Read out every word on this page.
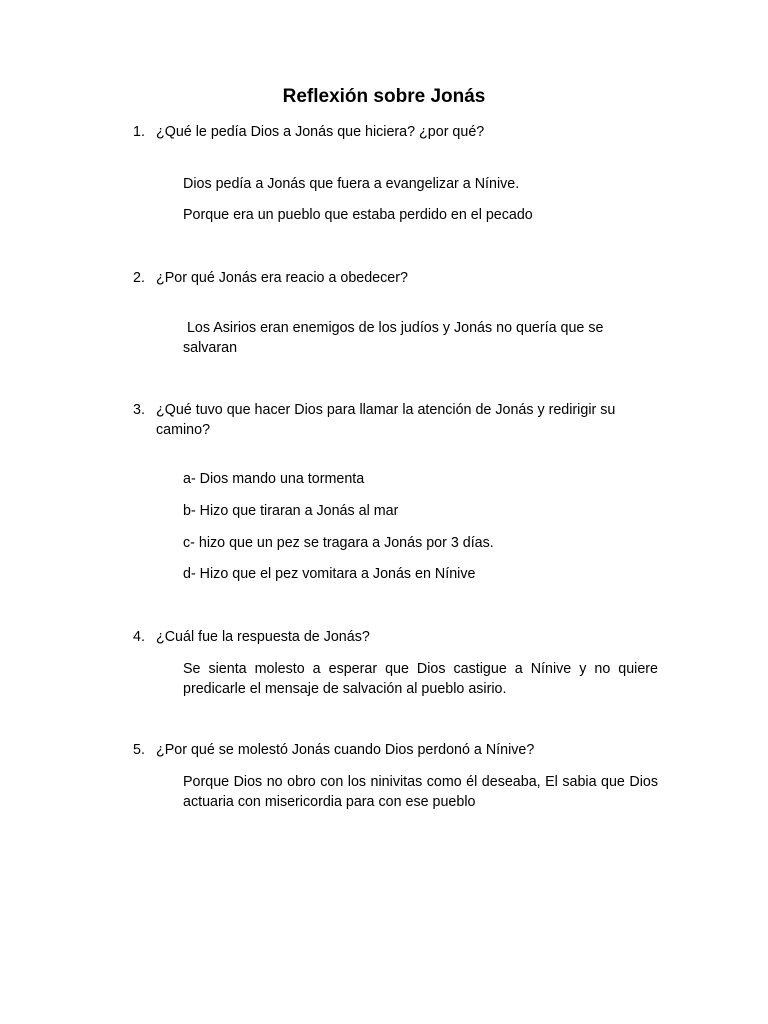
Reflexión sobre Jonás
1. ¿Qué le pedía Dios a Jonás que hiciera? ¿por qué?
Dios pedía a Jonás que fuera a evangelizar a Nínive.
Porque era un pueblo que estaba perdido en el pecado
2. ¿Por qué Jonás era reacio a obedecer?
Los Asirios eran enemigos de los judíos y Jonás no quería que se salvaran
3. ¿Qué tuvo que hacer Dios para llamar la atención de Jonás y redirigir su camino?
a- Dios mando una tormenta
b- Hizo que tiraran a Jonás al mar
c- hizo que un pez se tragara a Jonás por 3 días.
d- Hizo que el pez vomitara a Jonás en Nínive
4. ¿Cuál fue la respuesta de Jonás?
Se sienta molesto a esperar que Dios castigue a Nínive y no quiere predicarle el mensaje de salvación al pueblo asirio.
5. ¿Por qué se molestó Jonás cuando Dios perdonó a Nínive?
Porque Dios no obro con los ninivitas como él deseaba, El sabia que Dios actuaria con misericordia para con ese pueblo
